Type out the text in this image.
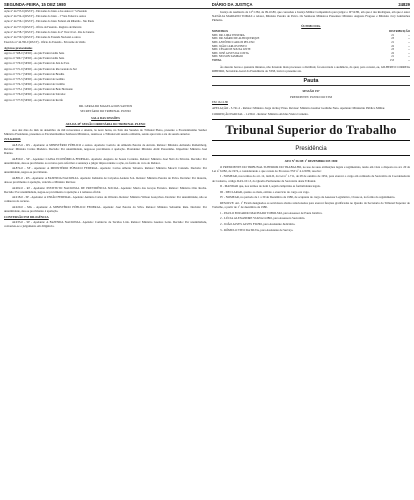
SEGUNDA-FEIRA, 15 DEZ 1980	DIÁRIO DA JUSTIÇA	24829

Ação nº 44.753-6 (RS/CF) - Em nome do Juízo e dos Autos n.º 5-Fazenda

Ação nº 44.754-4 (RS/CF) - Em nome do Juízo - 1ª Vara Federal e outros

Ação nº 44.756-1 (RS/CF) - Em nome do Juízo Federal em Ribeirão - São Paulo

Ação nº 44.757-9 (RS/CF) - Ofício da Fazenda - Registro de Imóveis

Ação nº 44.758-7 (RS/CF) - Em nome do Juízo da 2ª Vara Cível - Rio de Janeiro

Ação nº 44.759-5 (RS/CF) - Em nome da Fazenda Nacional e outros

Exercício nº 44.760-9 (RS/CF) - Ofício da Fazenda - Em nome da União

Agravos protocolados

Agravo nº 368-0 (SP/RJ) - Ao juiz Federal Adão Sena

Agravo nº 369-7 (SP/RJ) - Ao juiz Federal Adão Sena

Agravo nº 370-0 (SP/RJ) - Ao juiz Federal de Juiz de Fora

Agravo nº 371-9 (SP/RJ) - Ao juiz Federal do Rio Grande do Sul

Agravo nº 372-7 (SP/RJ) - Ao juiz Federal de Brasília

Agravo nº 373-5 (SP/RJ) - Ao juiz Federal de Goiânia

Agravo nº 374-3 (SP/RJ) - Ao juiz Federal de Curitiba

Agravo nº 375-1 (SP/RJ) - Ao juiz Federal de Belo Horizonte

Agravo nº 376-0 (SP/RJ) - Ao juiz Federal de Salvador

Agravo nº 377-8 (SP/RJ) - Ao juiz Federal de Recife

DR. GERALDO MAGELA DOS SANTOS

SECRETÁRIO DO TRIBUNAL PLENO

SALA DAS SESSÕES

ATA DA 45ª SESSÃO ORDINÁRIA DO TRIBUNAL PLENO

Aos dez dias do mês de dezembro de mil novecentos e oitenta, às nove horas, na Sala das Sessões do Tribunal Pleno, presente o Excelentíssimo Senhor Ministro Presidente, presentes os Excelentíssimos Senhores Ministros, reuniu-se o Tribunal em sessão ordinária, sendo aprovada a ata da sessão anterior.

JULGADOS

44.815-6 - RS - Apelante: A MINISTÉRIO PÚBLICO e outros. Apelado: Laércio de Almeida Pereira de Arruda. Relator: Ministro Armando Rollemberg. Revisor: Ministro Carlos Madeira. Decisão: Por unanimidade, negou-se provimento à apelação. Presidente: Ministro Aldir Passarinho. Impedido: Ministro José Dantas.

44.859-0 - SP - Apelante: CAIXA ECONÔMICA FEDERAL. Apelado: Augusto de Souza Cordeiro. Relator: Ministro José Néri da Silveira. Decisão: Por unanimidade, deu-se provimento ao recurso para reformar a sentença e julgar improcedente a ação, na forma do voto do Relator.

44.874-0 - SP - Apelante: A MINISTÉRIO PÚBLICO FEDERAL. Apelado: Carlos Alberto Teixeira. Relator: Ministro Moacir Catunda. Decisão: Por unanimidade, negou-se provimento.

44.881-0 - RS - Apelante: A FAZENDA NACIONAL. Apelado: Indústria de Calçados Azaleia S/A. Relator: Ministro Pereira de Paiva. Decisão: Por maioria, deu-se provimento à apelação, vencido o Ministro Revisor.

44.902-0 - RJ - Apelante: INSTITUTO NACIONAL DE PREVIDÊNCIA SOCIAL. Apelado: Maria das Graças Ferreira. Relator: Ministro Otto Rocha. Decisão: Por unanimidade, negou-se provimento à apelação e à remessa oficial.

44.918-0 - SP - Apelante: A UNIÃO FEDERAL. Apelado: Antônio Carlos de Oliveira. Relator: Ministro Wilson Gonçalves. Decisão: Por unanimidade, não se conheceu do recurso.

44.920-0 - MG - Apelante: A MINISTÉRIO PÚBLICO FEDERAL. Apelado: José Pereira da Silva. Relator: Ministro Sebastião Reis. Decisão: Por unanimidade, deu-se provimento à apelação.

CONVERSÃO EM DILIGÊNCIA

44.933-0 - SP - Apelante: A FAZENDA NACIONAL. Apelado: Comércio de Tecidos Ltda. Relator: Ministro Gueiros Leite. Decisão: Por unanimidade, converteu-se o julgamento em diligência.

Justiça da Auditoria da 12ª CJM, de 09.10.80, que concedeu a Justiça Militar Competência para julgar o IP 52/80, em que é réu Rodrigues, em que é autor NATÁLIA MARIANO TOMAZ e relator, Ministro Pereira de Paiva. Os Senhores Ministros Presentes: Ministro Augusto Fragoso e Ministro Jacy Guimarães Pinheiro.

ÚLTIMO DIA.

MINISTROS	DISTRIBUIÇÃO	
MIN. DR. LIMA TEIXEIRA	21	--
MIN. DR. MÁRIO DE ALBUQUERQUE	23	--
MIN. ANTÔNIO CARLOS PELUSO	21	--
MIN. JOÃO CARLOS PINTO	22	--
MIN. CÉSAR DE SOUZA LEITE	23	--
MIN. JOSÉ ALVES DA COSTA	22	--
MIN. NELSON SAMPAIO	21	--
TOTAL	153	--

Às dezoito horas e quarenta minutos, não havendo mais processos a distribuir, foi encerrada a audiência, da qual, para constar, eu, GILBERTO CORREIA RIBEIRO, Secretário-Geral da Presidência do STM, lavrei a presente ata.

Pauta

SESSÃO 197

PRESIDENTE: PLENO DO STM

EM 16.12.80

APELAÇÃO - 5.741-2 - Relator: Ministro Jorge da Roy Pires. Revisor: Ministro Gualter Godinho Neto. Apelante: Ministério Público Militar.

CORREIÇÃO PARCIAL - 1.230-6 - Relator: Ministro Alcides Vieira Carneiro.

Tribunal Superior do Trabalho
Presidência

ATO Nº 56 DE 1º DEZEMBRO DE 1980

O PRESIDENTE DO TRIBUNAL SUPERIOR DO TRABALHO, no uso de suas atribuições legais e regimentais, tendo em vista o disposto no art. 20 da Lei nº 6.082, de 1974, e considerando o que consta do Processo TST nº 4.120/80, resolve:

I - NOMEAR, nos termos do art. 12, item II, da Lei nº 1.711, de 28 de outubro de 1952, para exercer o cargo em comissão de Secretário da Coordenadoria de Cadastro, código DAS-101.3, do Quadro Permanente da Secretaria deste Tribunal.

II - MANDAR que, nos termos do item I, sejam cumpridas as formalidades legais.

III - DECLARAR, quanto ao mais, extinto o exercício do cargo ora vago.

IV - NOMEAR, no período de 1 a 30 de Dezembro de 1980, de ocupante do cargo de Assessor Legislativo, Classe A, na forma do regulamento.

RESOLVE: Art. 1º Ficam designados os servidores abaixo relacionados para exercer funções gratificadas no Quadro da Secretaria do Tribunal Superior do Trabalho, a partir de 1º de dezembro de 1980.

1 - PAULO EDUARDO MACHADO TOBOLSKI, para Assessor de Pauta Jurídica.

2 - LÚCIA ALEXANDRE VIANA LOBO, para Assessora Secretária.

2 - JOÃO ALVES ALVES FILHO, para Assistente Judiciário.

3 - RÔMULO TITO DA SILVA, para Assistente de Serviço.
